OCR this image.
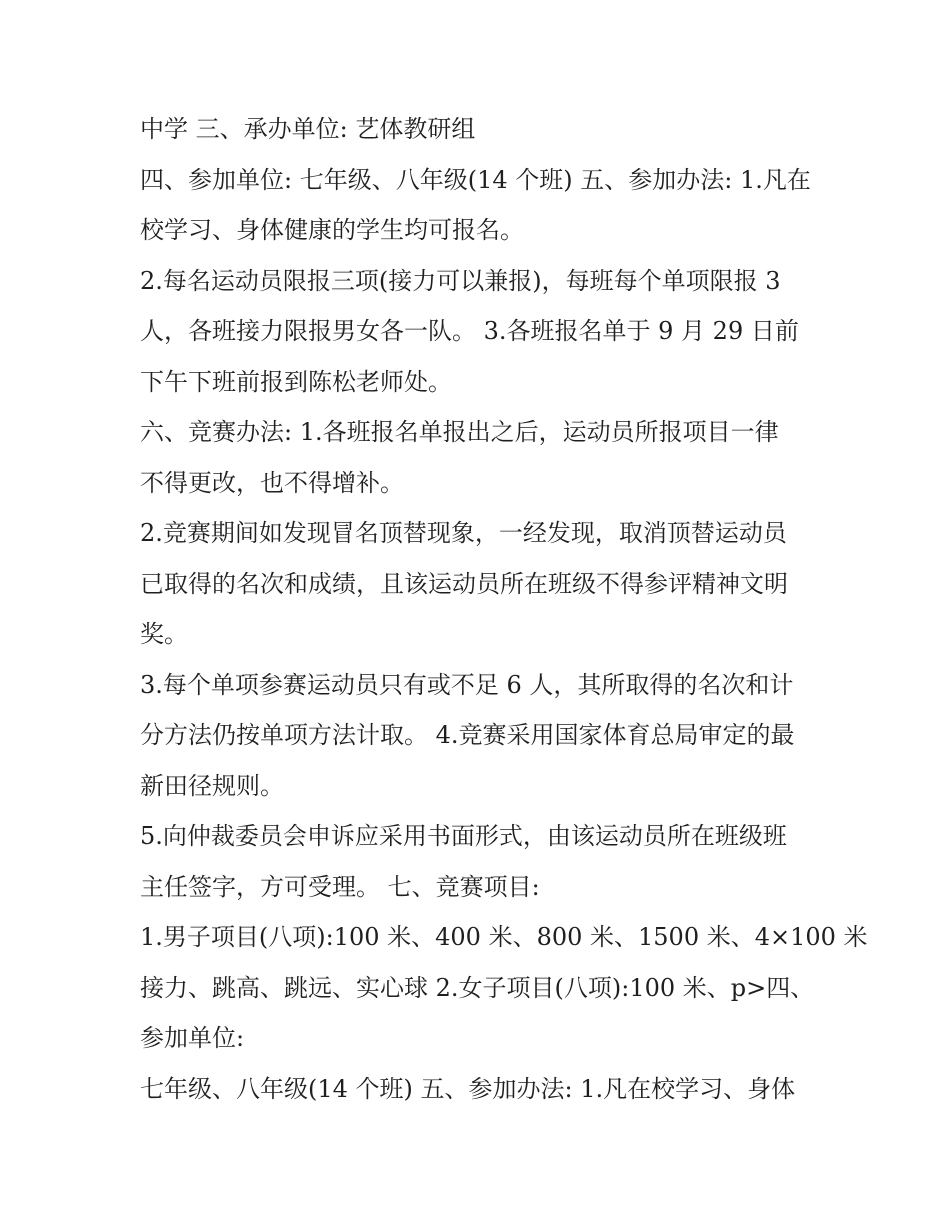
中学 三、承办单位: 艺体教研组
四、参加单位: 七年级、八年级(14 个班) 五、参加办法: 1.凡在
校学习、身体健康的学生均可报名。
2.每名运动员限报三项(接力可以兼报)，每班每个单项限报 3
人，各班接力限报男女各一队。 3.各班报名单于 9 月 29 日前
下午下班前报到陈松老师处。
六、竞赛办法: 1.各班报名单报出之后，运动员所报项目一律
不得更改，也不得增补。
2.竞赛期间如发现冒名顶替现象，一经发现，取消顶替运动员
已取得的名次和成绩，且该运动员所在班级不得参评精神文明
奖。
3.每个单项参赛运动员只有或不足 6 人，其所取得的名次和计
分方法仍按单项方法计取。 4.竞赛采用国家体育总局审定的最
新田径规则。
5.向仲裁委员会申诉应采用书面形式，由该运动员所在班级班
主任签字，方可受理。 七、竞赛项目:
1.男子项目(八项):100 米、400 米、800 米、1500 米、4×100 米
接力、跳高、跳远、实心球 2.女子项目(八项):100 米、p>四、
参加单位:
七年级、八年级(14 个班) 五、参加办法: 1.凡在校学习、身体
